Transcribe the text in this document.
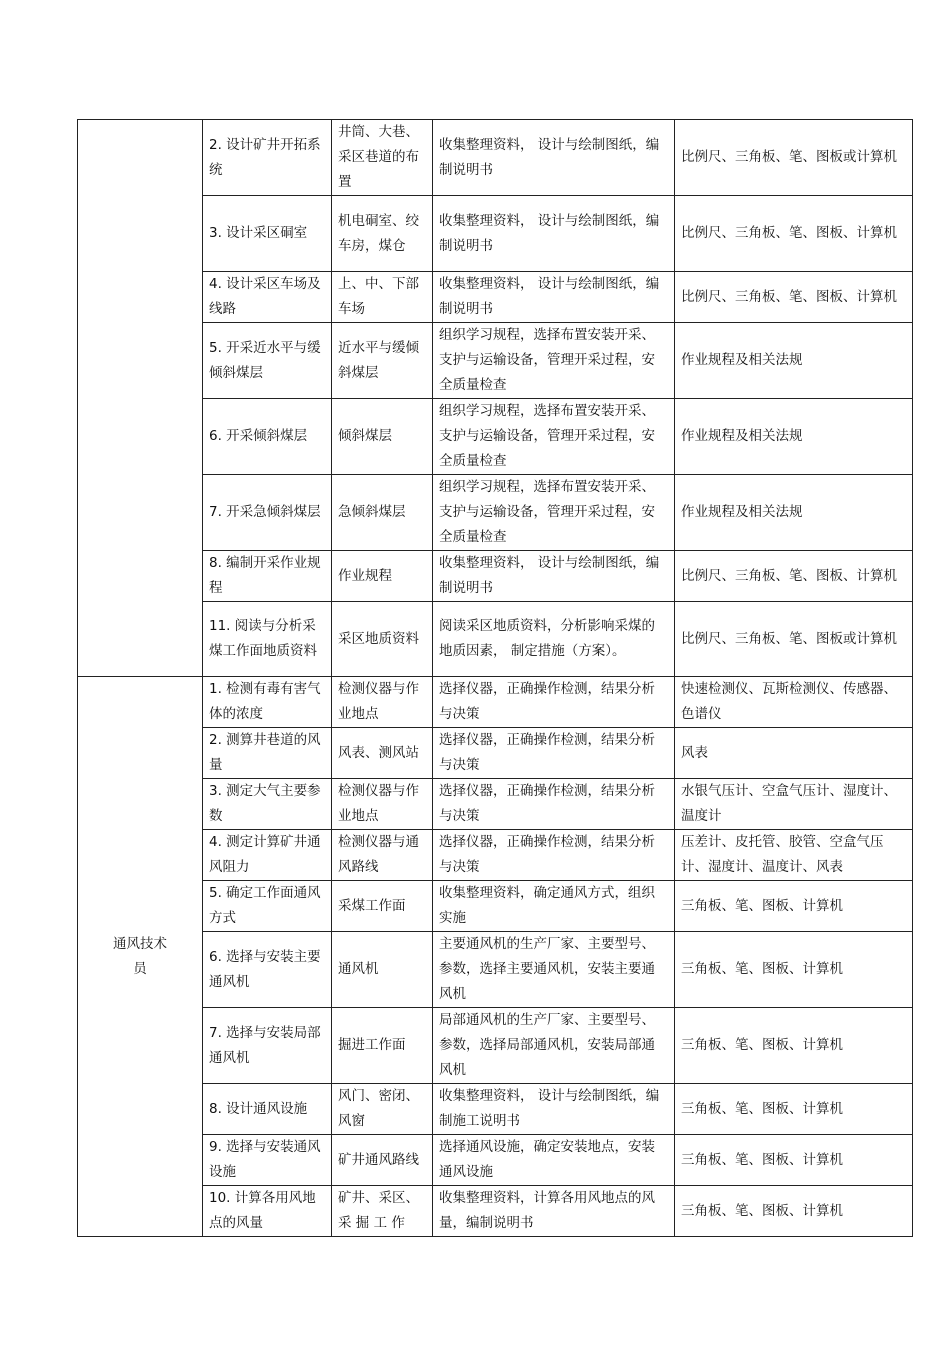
	2. 设计矿井开拓系统	井筒、大巷、采区巷道的布置	收集整理资料， 设计与绘制图纸，编制说明书	比例尺、三角板、笔、图板或计算机
	3. 设计采区硐室	机电硐室、绞车房，煤仓	收集整理资料， 设计与绘制图纸，编制说明书	比例尺、三角板、笔、图板、计算机
	4. 设计采区车场及线路	上、中、下部车场	收集整理资料， 设计与绘制图纸，编制说明书	比例尺、三角板、笔、图板、计算机
	5. 开采近水平与缓倾斜煤层	近水平与缓倾斜煤层	组织学习规程，选择布置安装开采、支护与运输设备，管理开采过程，安全质量检查	作业规程及相关法规
	6. 开采倾斜煤层	倾斜煤层	组织学习规程，选择布置安装开采、支护与运输设备，管理开采过程，安全质量检查	作业规程及相关法规
	7. 开采急倾斜煤层	急倾斜煤层	组织学习规程，选择布置安装开采、支护与运输设备，管理开采过程，安全质量检查	作业规程及相关法规
	8. 编制开采作业规程	作业规程	收集整理资料， 设计与绘制图纸，编制说明书	比例尺、三角板、笔、图板、计算机
	11. 阅读与分析采煤工作面地质资料	采区地质资料	阅读采区地质资料，分析影响采煤的地质因素， 制定措施（方案）。	比例尺、三角板、笔、图板或计算机
通风技术员	1. 检测有毒有害气体的浓度	检测仪器与作业地点	选择仪器，正确操作检测，结果分析与决策	快速检测仪、瓦斯检测仪、传感器、色谱仪
	2. 测算井巷道的风量	风表、测风站	选择仪器，正确操作检测，结果分析与决策	风表
	3. 测定大气主要参数	检测仪器与作业地点	选择仪器，正确操作检测，结果分析与决策	水银气压计、空盒气压计、湿度计、温度计
	4. 测定计算矿井通风阻力	检测仪器与通风路线	选择仪器，正确操作检测，结果分析与决策	压差计、皮托管、胶管、空盒气压计、湿度计、温度计、风表
	5. 确定工作面通风方式	采煤工作面	收集整理资料，确定通风方式，组织实施	三角板、笔、图板、计算机
	6. 选择与安装主要通风机	通风机	主要通风机的生产厂家、主要型号、参数，选择主要通风机，安装主要通风机	三角板、笔、图板、计算机
	7. 选择与安装局部通风机	掘进工作面	局部通风机的生产厂家、主要型号、参数，选择局部通风机，安装局部通风机	三角板、笔、图板、计算机
	8. 设计通风设施	风门、密闭、风窗	收集整理资料， 设计与绘制图纸，编制施工说明书	三角板、笔、图板、计算机
	9. 选择与安装通风设施	矿井通风路线	选择通风设施，确定安装地点，安装通风设施	三角板、笔、图板、计算机
	10. 计算各用风地点的风量	矿井、采区、采 掘 工 作	收集整理资料，计算各用风地点的风量，编制说明书	三角板、笔、图板、计算机
